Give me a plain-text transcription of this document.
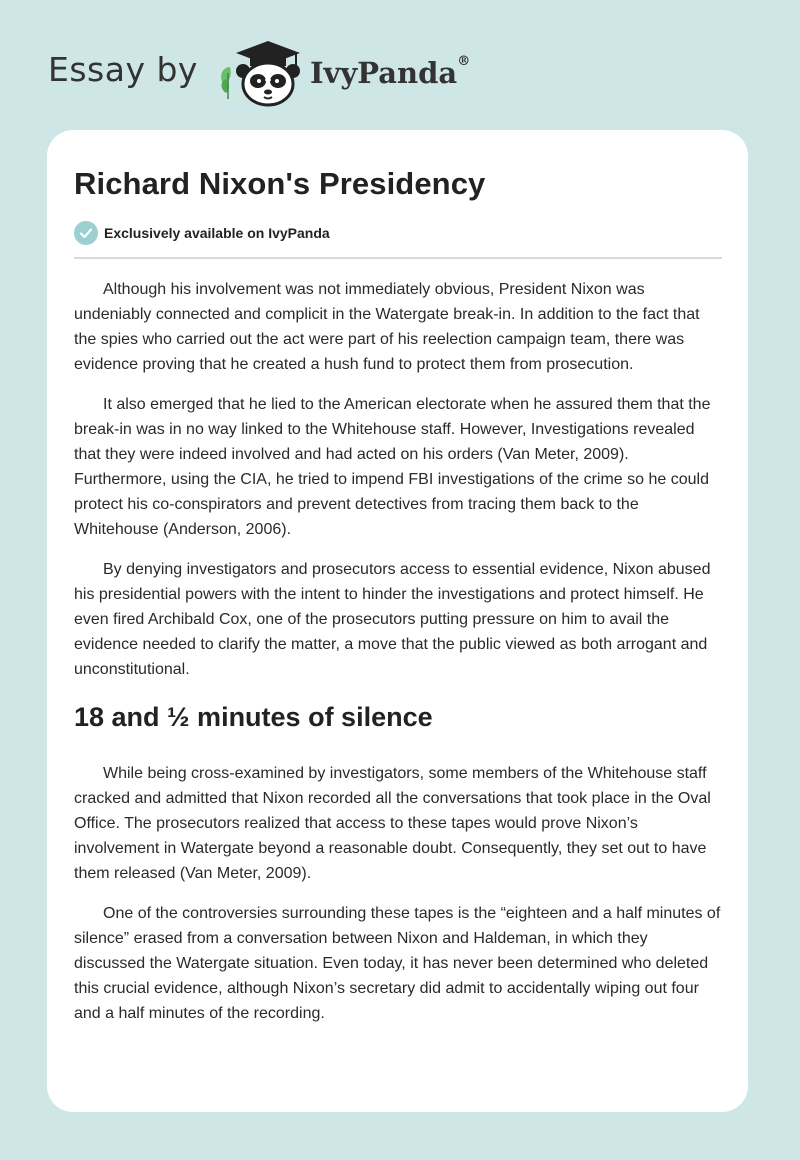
Essay by	IvyPanda®
Richard Nixon's Presidency
Exclusively available on IvyPanda

Although his involvement was not immediately obvious, President Nixon was undeniably connected and complicit in the Watergate break-in. In addition to the fact that the spies who carried out the act were part of his reelection campaign team, there was evidence proving that he created a hush fund to protect them from prosecution.

It also emerged that he lied to the American electorate when he assured them that the break-in was in no way linked to the Whitehouse staff. However, Investigations revealed that they were indeed involved and had acted on his orders (Van Meter, 2009). Furthermore, using the CIA, he tried to impend FBI investigations of the crime so he could protect his co-conspirators and prevent detectives from tracing them back to the Whitehouse (Anderson, 2006).

By denying investigators and prosecutors access to essential evidence, Nixon abused his presidential powers with the intent to hinder the investigations and protect himself. He even fired Archibald Cox, one of the prosecutors putting pressure on him to avail the evidence needed to clarify the matter, a move that the public viewed as both arrogant and unconstitutional.

18 and ½ minutes of silence

While being cross-examined by investigators, some members of the Whitehouse staff cracked and admitted that Nixon recorded all the conversations that took place in the Oval Office. The prosecutors realized that access to these tapes would prove Nixon’s involvement in Watergate beyond a reasonable doubt. Consequently, they set out to have them released (Van Meter, 2009).

One of the controversies surrounding these tapes is the “eighteen and a half minutes of silence” erased from a conversation between Nixon and Haldeman, in which they discussed the Watergate situation. Even today, it has never been determined who deleted this crucial evidence, although Nixon’s secretary did admit to accidentally wiping out four and a half minutes of the recording.
